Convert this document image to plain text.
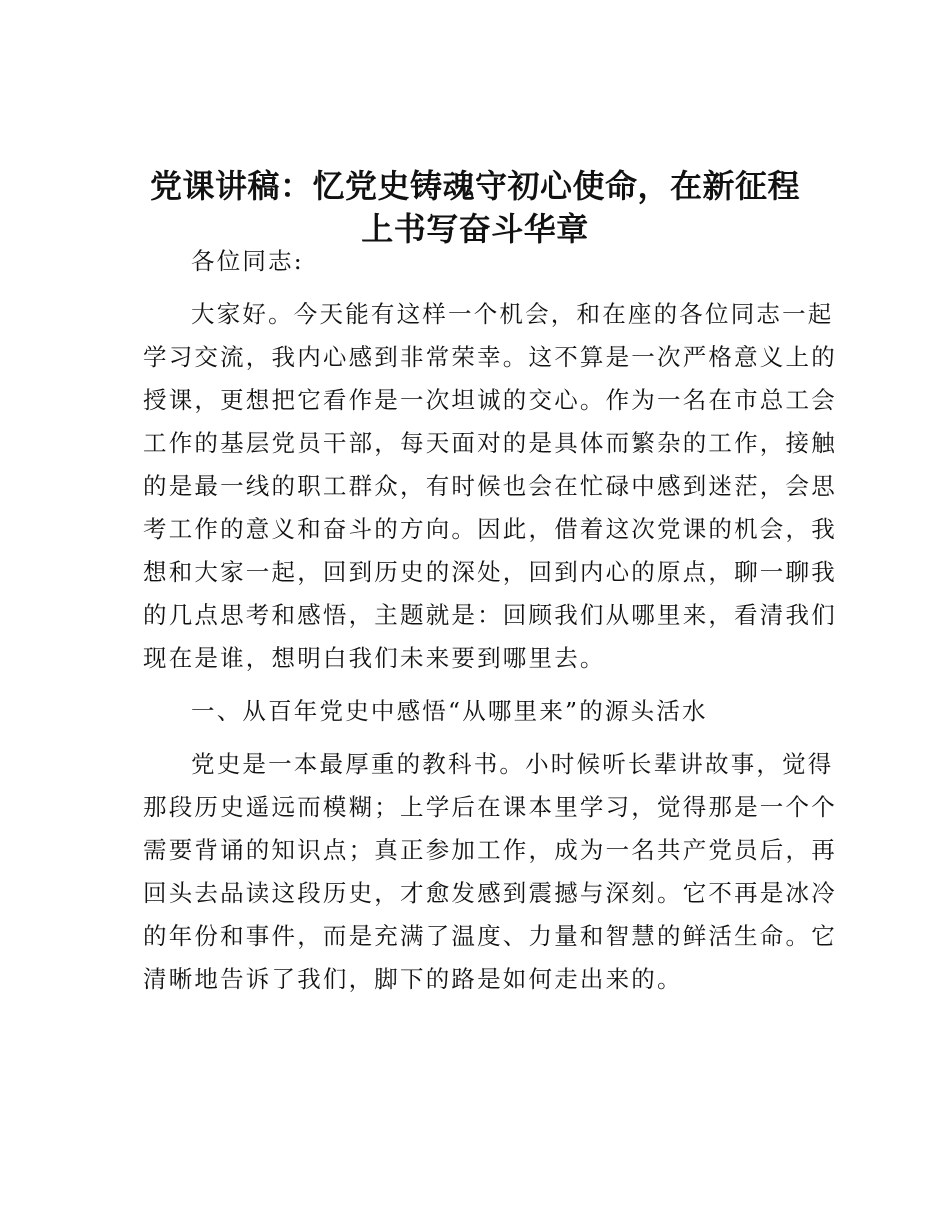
党课讲稿：忆党史铸魂守初心使命，在新征程
上书写奋斗华章

各位同志:

大家好。今天能有这样一个机会，和在座的各位同志一起
学习交流，我内心感到非常荣幸。这不算是一次严格意义上的
授课，更想把它看作是一次坦诚的交心。作为一名在市总工会
工作的基层党员干部，每天面对的是具体而繁杂的工作，接触
的是最一线的职工群众，有时候也会在忙碌中感到迷茫，会思
考工作的意义和奋斗的方向。因此，借着这次党课的机会，我
想和大家一起，回到历史的深处，回到内心的原点，聊一聊我
的几点思考和感悟，主题就是：回顾我们从哪里来，看清我们
现在是谁，想明白我们未来要到哪里去。

一、从百年党史中感悟“从哪里来”的源头活水

党史是一本最厚重的教科书。小时候听长辈讲故事，觉得
那段历史遥远而模糊；上学后在课本里学习，觉得那是一个个
需要背诵的知识点；真正参加工作，成为一名共产党员后，再
回头去品读这段历史，才愈发感到震撼与深刻。它不再是冰冷
的年份和事件，而是充满了温度、力量和智慧的鲜活生命。它
清晰地告诉了我们，脚下的路是如何走出来的。
